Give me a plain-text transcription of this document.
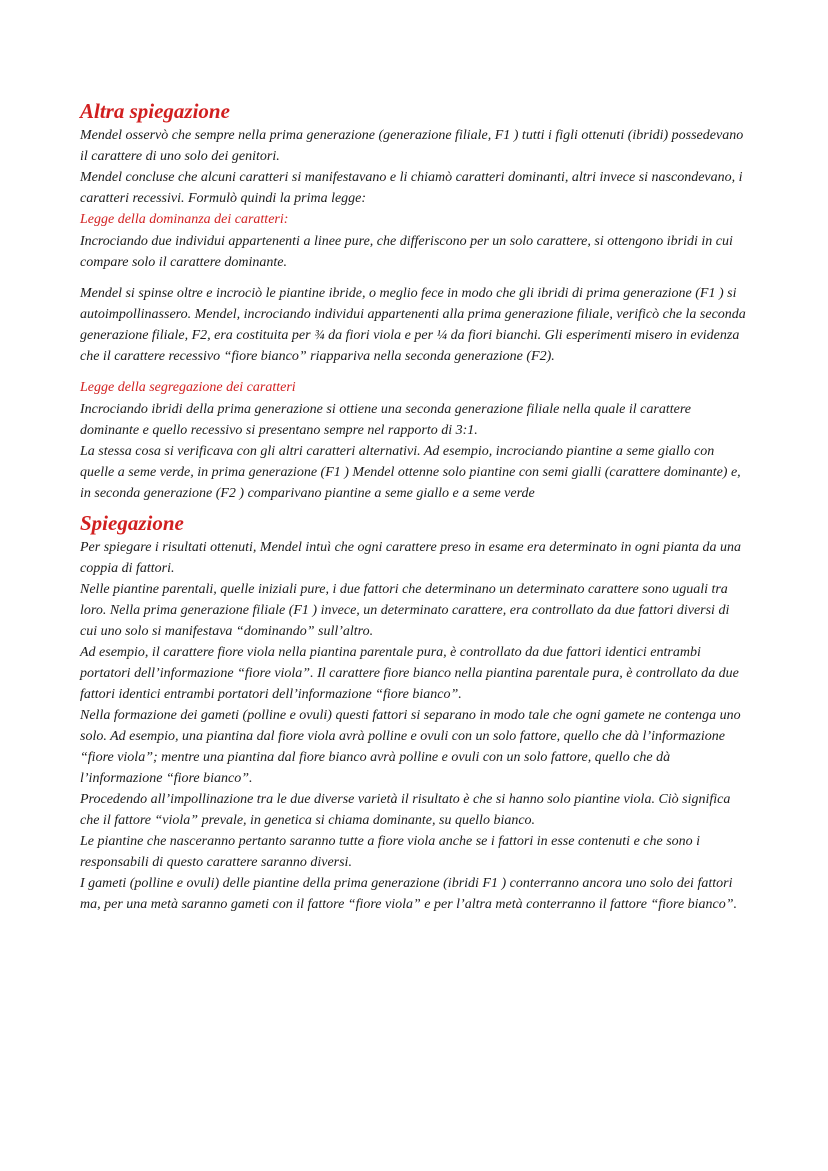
Altra spiegazione

Mendel osservò che sempre nella prima generazione (generazione filiale, F1 ) tutti i figli ottenuti (ibridi) possedevano il carattere di uno solo dei genitori.

Mendel concluse che alcuni caratteri si manifestavano e li chiamò caratteri dominanti, altri invece si nascondevano, i caratteri recessivi. Formulò quindi la prima legge:

Legge della dominanza dei caratteri:

Incrociando due individui appartenenti a linee pure, che differiscono per un solo carattere, si ottengono ibridi in cui compare solo il carattere dominante.

Mendel si spinse oltre e incrociò le piantine ibride, o meglio fece in modo che gli ibridi di prima generazione (F1 ) si autoimpollinassero. Mendel, incrociando individui appartenenti alla prima generazione filiale, verificò che la seconda generazione filiale, F2, era costituita per ¾ da fiori viola e per ¼ da fiori bianchi. Gli esperimenti misero in evidenza che il carattere recessivo “fiore bianco” riappariva nella seconda generazione (F2).

Legge della segregazione dei caratteri

Incrociando ibridi della prima generazione si ottiene una seconda generazione filiale nella quale il carattere dominante e quello recessivo si presentano sempre nel rapporto di 3:1.

La stessa cosa si verificava con gli altri caratteri alternativi. Ad esempio, incrociando piantine a seme giallo con quelle a seme verde, in prima generazione (F1 ) Mendel ottenne solo piantine con semi gialli (carattere dominante) e, in seconda generazione (F2 ) comparivano piantine a seme giallo e a seme verde

Spiegazione

Per spiegare i risultati ottenuti, Mendel intuì che ogni carattere preso in esame era determinato in ogni pianta da una coppia di fattori.

Nelle piantine parentali, quelle iniziali pure, i due fattori che determinano un determinato carattere sono uguali tra loro. Nella prima generazione filiale (F1 ) invece, un determinato carattere, era controllato da due fattori diversi di cui uno solo si manifestava “dominando” sull’altro.

Ad esempio, il carattere fiore viola nella piantina parentale pura, è controllato da due fattori identici entrambi portatori dell’informazione “fiore viola”. Il carattere fiore bianco nella piantina parentale pura, è controllato da due fattori identici entrambi portatori dell’informazione “fiore bianco”.

Nella formazione dei gameti (polline e ovuli) questi fattori si separano in modo tale che ogni gamete ne contenga uno solo. Ad esempio, una piantina dal fiore viola avrà polline e ovuli con un solo fattore, quello che dà l’informazione “fiore viola”; mentre una piantina dal fiore bianco avrà polline e ovuli con un solo fattore, quello che dà l’informazione “fiore bianco”.

Procedendo all’impollinazione tra le due diverse varietà il risultato è che si hanno solo piantine viola. Ciò significa che il fattore “viola” prevale, in genetica si chiama dominante, su quello bianco.

Le piantine che nasceranno pertanto saranno tutte a fiore viola anche se i fattori in esse contenuti e che sono i responsabili di questo carattere saranno diversi.

I gameti (polline e ovuli) delle piantine della prima generazione (ibridi F1 ) conterranno ancora uno solo dei fattori ma, per una metà saranno gameti con il fattore “fiore viola” e per l’altra metà conterranno il fattore “fiore bianco”.
